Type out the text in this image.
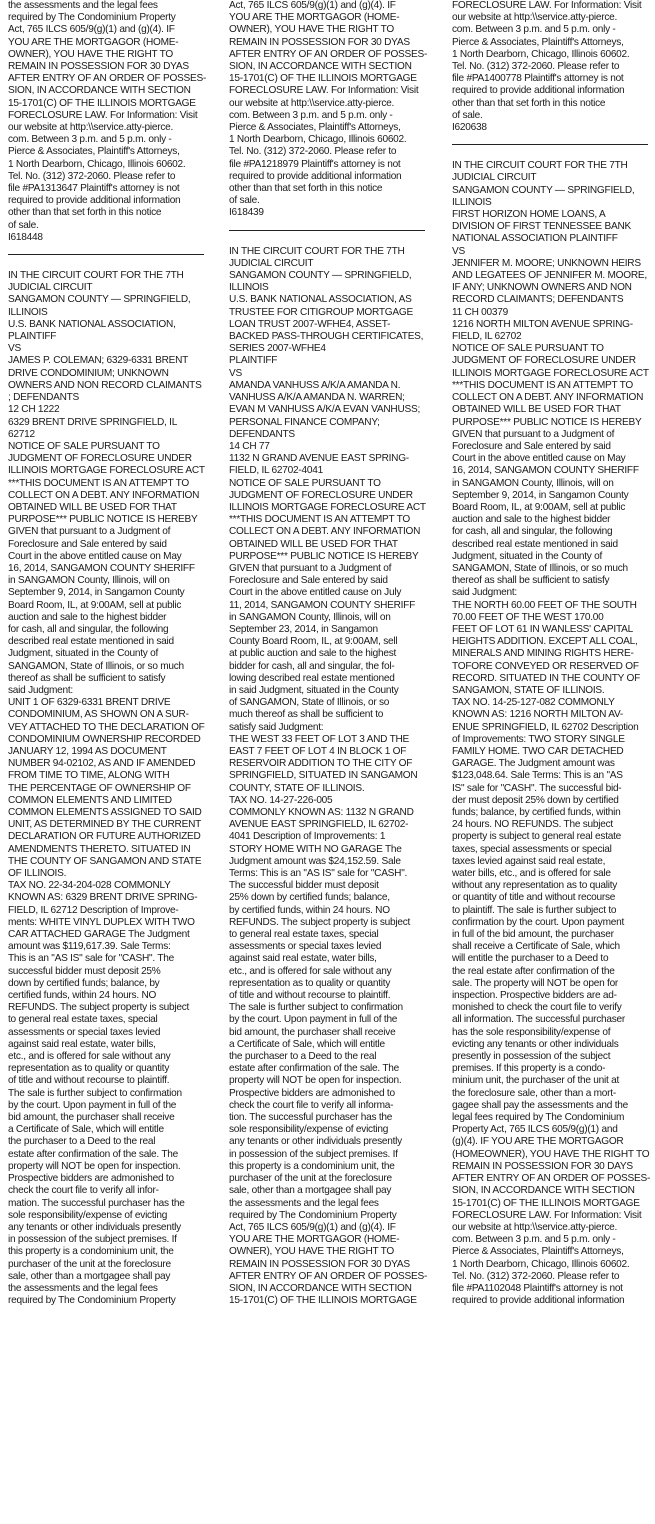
the assessments and the legal fees

required by The Condominium Property

Act, 765 ILCS 605/9(g)(1) and (g)(4). IF

YOU ARE THE MORTGAGOR (HOME-

OWNER), YOU HAVE THE RIGHT TO

REMAIN IN POSSESSION FOR 30 DYAS

AFTER ENTRY OF AN ORDER OF POSSES-

SION, IN ACCORDANCE WITH SECTION

15-1701(C) OF THE ILLINOIS MORTGAGE

FORECLOSURE LAW. For Information: Visit

our website at http:\\service.atty-pierce.

com. Between 3 p.m. and 5 p.m. only -

Pierce & Associates, Plaintiff's Attorneys,

1 North Dearborn, Chicago, Illinois 60602.

Tel. No. (312) 372-2060. Please refer to

file #PA1313647 Plaintiff's attorney is not

required to provide additional information

other than that set forth in this notice

of sale.

I618448

IN THE CIRCUIT COURT FOR THE 7TH

JUDICIAL CIRCUIT

SANGAMON COUNTY — SPRINGFIELD,

ILLINOIS

U.S. BANK NATIONAL ASSOCIATION,

PLAINTIFF

VS

JAMES P. COLEMAN; 6329-6331 BRENT

DRIVE CONDOMINIUM; UNKNOWN

OWNERS AND NON RECORD CLAIMANTS

; DEFENDANTS

12 CH 1222

6329 BRENT DRIVE SPRINGFIELD, IL

62712

NOTICE OF SALE PURSUANT TO

JUDGMENT OF FORECLOSURE UNDER

ILLINOIS MORTGAGE FORECLOSURE ACT

***THIS DOCUMENT IS AN ATTEMPT TO

COLLECT ON A DEBT. ANY INFORMATION

OBTAINED WILL BE USED FOR THAT

PURPOSE*** PUBLIC NOTICE IS HEREBY

GIVEN that pursuant to a Judgment of

Foreclosure and Sale entered by said

Court in the above entitled cause on May

16, 2014, SANGAMON COUNTY SHERIFF

in SANGAMON County, Illinois, will on

September 9, 2014, in Sangamon County

Board Room, IL, at 9:00AM, sell at public

auction and sale to the highest bidder

for cash, all and singular, the following

described real estate mentioned in said

Judgment, situated in the County of

SANGAMON, State of Illinois, or so much

thereof as shall be sufficient to satisfy

said Judgment:

UNIT 1 OF 6329-6331 BRENT DRIVE

CONDOMINIUM, AS SHOWN ON A SUR-

VEY ATTACHED TO THE DECLARATION OF

CONDOMINIUM OWNERSHIP RECORDED

JANUARY 12, 1994 AS DOCUMENT

NUMBER 94-02102, AS AND IF AMENDED

FROM TIME TO TIME, ALONG WITH

THE PERCENTAGE OF OWNERSHIP OF

COMMON ELEMENTS AND LIMITED

COMMON ELEMENTS ASSIGNED TO SAID

UNIT, AS DETERMINED BY THE CURRENT

DECLARATION OR FUTURE AUTHORIZED

AMENDMENTS THERETO. SITUATED IN

THE COUNTY OF SANGAMON AND STATE

OF ILLINOIS.

TAX NO. 22-34-204-028 COMMONLY

KNOWN AS: 6329 BRENT DRIVE SPRING-

FIELD, IL 62712 Description of Improve-

ments: WHITE VINYL DUPLEX WITH TWO

CAR ATTACHED GARAGE The Judgment

amount was $119,617.39. Sale Terms:

This is an "AS IS" sale for "CASH". The

successful bidder must deposit 25%

down by certified funds; balance, by

certified funds, within 24 hours. NO

REFUNDS. The subject property is subject

to general real estate taxes, special

assessments or special taxes levied

against said real estate, water bills,

etc., and is offered for sale without any

representation as to quality or quantity

of title and without recourse to plaintiff.

The sale is further subject to confirmation

by the court. Upon payment in full of the

bid amount, the purchaser shall receive

a Certificate of Sale, which will entitle

the purchaser to a Deed to the real

estate after confirmation of the sale. The

property will NOT be open for inspection.

Prospective bidders are admonished to

check the court file to verify all infor-

mation. The successful purchaser has the

sole responsibility/expense of evicting

any tenants or other individuals presently

in possession of the subject premises. If

this property is a condominium unit, the

purchaser of the unit at the foreclosure

sale, other than a mortgagee shall pay

the assessments and the legal fees

required by The Condominium Property

Act, 765 ILCS 605/9(g)(1) and (g)(4). IF

YOU ARE THE MORTGAGOR (HOME-

OWNER), YOU HAVE THE RIGHT TO

REMAIN IN POSSESSION FOR 30 DYAS

AFTER ENTRY OF AN ORDER OF POSSES-

SION, IN ACCORDANCE WITH SECTION

15-1701(C) OF THE ILLINOIS MORTGAGE

FORECLOSURE LAW. For Information: Visit

our website at http:\\service.atty-pierce.

com. Between 3 p.m. and 5 p.m. only -

Pierce & Associates, Plaintiff's Attorneys,

1 North Dearborn, Chicago, Illinois 60602.

Tel. No. (312) 372-2060. Please refer to

file #PA1218979 Plaintiff's attorney is not

required to provide additional information

other than that set forth in this notice

of sale.

I618439

IN THE CIRCUIT COURT FOR THE 7TH

JUDICIAL CIRCUIT

SANGAMON COUNTY — SPRINGFIELD,

ILLINOIS

U.S. BANK NATIONAL ASSOCIATION, AS

TRUSTEE FOR CITIGROUP MORTGAGE

LOAN TRUST 2007-WFHE4, ASSET-

BACKED PASS-THROUGH CERTIFICATES,

SERIES 2007-WFHE4

PLAINTIFF

VS

AMANDA VANHUSS A/K/A AMANDA N.

VANHUSS A/K/A AMANDA N. WARREN;

EVAN M VANHUSS A/K/A EVAN VANHUSS;

PERSONAL FINANCE COMPANY;

DEFENDANTS

14 CH 77

1132 N GRAND AVENUE EAST SPRING-

FIELD, IL 62702-4041

NOTICE OF SALE PURSUANT TO

JUDGMENT OF FORECLOSURE UNDER

ILLINOIS MORTGAGE FORECLOSURE ACT

***THIS DOCUMENT IS AN ATTEMPT TO

COLLECT ON A DEBT. ANY INFORMATION

OBTAINED WILL BE USED FOR THAT

PURPOSE*** PUBLIC NOTICE IS HEREBY

GIVEN that pursuant to a Judgment of

Foreclosure and Sale entered by said

Court in the above entitled cause on July

11, 2014, SANGAMON COUNTY SHERIFF

in SANGAMON County, Illinois, will on

September 23, 2014, in Sangamon

County Board Room, IL, at 9:00AM, sell

at public auction and sale to the highest

bidder for cash, all and singular, the fol-

lowing described real estate mentioned

in said Judgment, situated in the County

of SANGAMON, State of Illinois, or so

much thereof as shall be sufficient to

satisfy said Judgment:

THE WEST 33 FEET OF LOT 3 AND THE

EAST 7 FEET OF LOT 4 IN BLOCK 1 OF

RESERVOIR ADDITION TO THE CITY OF

SPRINGFIELD, SITUATED IN SANGAMON

COUNTY, STATE OF ILLINOIS.

TAX NO. 14-27-226-005

COMMONLY KNOWN AS: 1132 N GRAND

AVENUE EAST SPRINGFIELD, IL 62702-

4041 Description of Improvements: 1

STORY HOME WITH NO GARAGE The

Judgment amount was $24,152.59. Sale

Terms: This is an "AS IS" sale for "CASH".

The successful bidder must deposit

25% down by certified funds; balance,

by certified funds, within 24 hours. NO

REFUNDS. The subject property is subject

to general real estate taxes, special

assessments or special taxes levied

against said real estate, water bills,

etc., and is offered for sale without any

representation as to quality or quantity

of title and without recourse to plaintiff.

The sale is further subject to confirmation

by the court. Upon payment in full of the

bid amount, the purchaser shall receive

a Certificate of Sale, which will entitle

the purchaser to a Deed to the real

estate after confirmation of the sale. The

property will NOT be open for inspection.

Prospective bidders are admonished to

check the court file to verify all informa-

tion. The successful purchaser has the

sole responsibility/expense of evicting

any tenants or other individuals presently

in possession of the subject premises. If

this property is a condominium unit, the

purchaser of the unit at the foreclosure

sale, other than a mortgagee shall pay

the assessments and the legal fees

required by The Condominium Property

Act, 765 ILCS 605/9(g)(1) and (g)(4). IF

YOU ARE THE MORTGAGOR (HOME-

OWNER), YOU HAVE THE RIGHT TO

REMAIN IN POSSESSION FOR 30 DYAS

AFTER ENTRY OF AN ORDER OF POSSES-

SION, IN ACCORDANCE WITH SECTION

15-1701(C) OF THE ILLINOIS MORTGAGE

FORECLOSURE LAW. For Information: Visit

our website at http:\\service.atty-pierce.

com. Between 3 p.m. and 5 p.m. only -

Pierce & Associates, Plaintiff's Attorneys,

1 North Dearborn, Chicago, Illinois 60602.

Tel. No. (312) 372-2060. Please refer to

file #PA1400778 Plaintiff's attorney is not

required to provide additional information

other than that set forth in this notice

of sale.

I620638

IN THE CIRCUIT COURT FOR THE 7TH

JUDICIAL CIRCUIT

SANGAMON COUNTY — SPRINGFIELD,

ILLINOIS

FIRST HORIZON HOME LOANS, A

DIVISION OF FIRST TENNESSEE BANK

NATIONAL ASSOCIATION PLAINTIFF

VS

JENNIFER M. MOORE; UNKNOWN HEIRS

AND LEGATEES OF JENNIFER M. MOORE,

IF ANY; UNKNOWN OWNERS AND NON

RECORD CLAIMANTS; DEFENDANTS

11 CH 00379

1216 NORTH MILTON AVENUE SPRING-

FIELD, IL 62702

NOTICE OF SALE PURSUANT TO

JUDGMENT OF FORECLOSURE UNDER

ILLINOIS MORTGAGE FORECLOSURE ACT

***THIS DOCUMENT IS AN ATTEMPT TO

COLLECT ON A DEBT. ANY INFORMATION

OBTAINED WILL BE USED FOR THAT

PURPOSE*** PUBLIC NOTICE IS HEREBY

GIVEN that pursuant to a Judgment of

Foreclosure and Sale entered by said

Court in the above entitled cause on May

16, 2014, SANGAMON COUNTY SHERIFF

in SANGAMON County, Illinois, will on

September 9, 2014, in Sangamon County

Board Room, IL, at 9:00AM, sell at public

auction and sale to the highest bidder

for cash, all and singular, the following

described real estate mentioned in said

Judgment, situated in the County of

SANGAMON, State of Illinois, or so much

thereof as shall be sufficient to satisfy

said Judgment:

THE NORTH 60.00 FEET OF THE SOUTH

70.00 FEET OF THE WEST 170.00

FEET OF LOT 61 IN WANLESS' CAPITAL

HEIGHTS ADDITION. EXCEPT ALL COAL,

MINERALS AND MINING RIGHTS HERE-

TOFORE CONVEYED OR RESERVED OF

RECORD. SITUATED IN THE COUNTY OF

SANGAMON, STATE OF ILLINOIS.

TAX NO. 14-25-127-082 COMMONLY

KNOWN AS: 1216 NORTH MILTON AV-

ENUE SPRINGFIELD, IL 62702 Description

of Improvements: TWO STORY SINGLE

FAMILY HOME. TWO CAR DETACHED

GARAGE. The Judgment amount was

$123,048.64. Sale Terms: This is an "AS

IS" sale for "CASH". The successful bid-

der must deposit 25% down by certified

funds; balance, by certified funds, within

24 hours. NO REFUNDS. The subject

property is subject to general real estate

taxes, special assessments or special

taxes levied against said real estate,

water bills, etc., and is offered for sale

without any representation as to quality

or quantity of title and without recourse

to plaintiff. The sale is further subject to

confirmation by the court. Upon payment

in full of the bid amount, the purchaser

shall receive a Certificate of Sale, which

will entitle the purchaser to a Deed to

the real estate after confirmation of the

sale. The property will NOT be open for

inspection. Prospective bidders are ad-

monished to check the court file to verify

all information. The successful purchaser

has the sole responsibility/expense of

evicting any tenants or other individuals

presently in possession of the subject

premises. If this property is a condo-

minium unit, the purchaser of the unit at

the foreclosure sale, other than a mort-

gagee shall pay the assessments and the

legal fees required by The Condominium

Property Act, 765 ILCS 605/9(g)(1) and

(g)(4). IF YOU ARE THE MORTGAGOR

(HOMEOWNER), YOU HAVE THE RIGHT TO

REMAIN IN POSSESSION FOR 30 DAYS

AFTER ENTRY OF AN ORDER OF POSSES-

SION, IN ACCORDANCE WITH SECTION

15-1701(C) OF THE ILLINOIS MORTGAGE

FORECLOSURE LAW. For Information: Visit

our website at http:\\service.atty-pierce.

com. Between 3 p.m. and 5 p.m. only -

Pierce & Associates, Plaintiff's Attorneys,

1 North Dearborn, Chicago, Illinois 60602.

Tel. No. (312) 372-2060. Please refer to

file #PA1102048 Plaintiff's attorney is not

required to provide additional information
